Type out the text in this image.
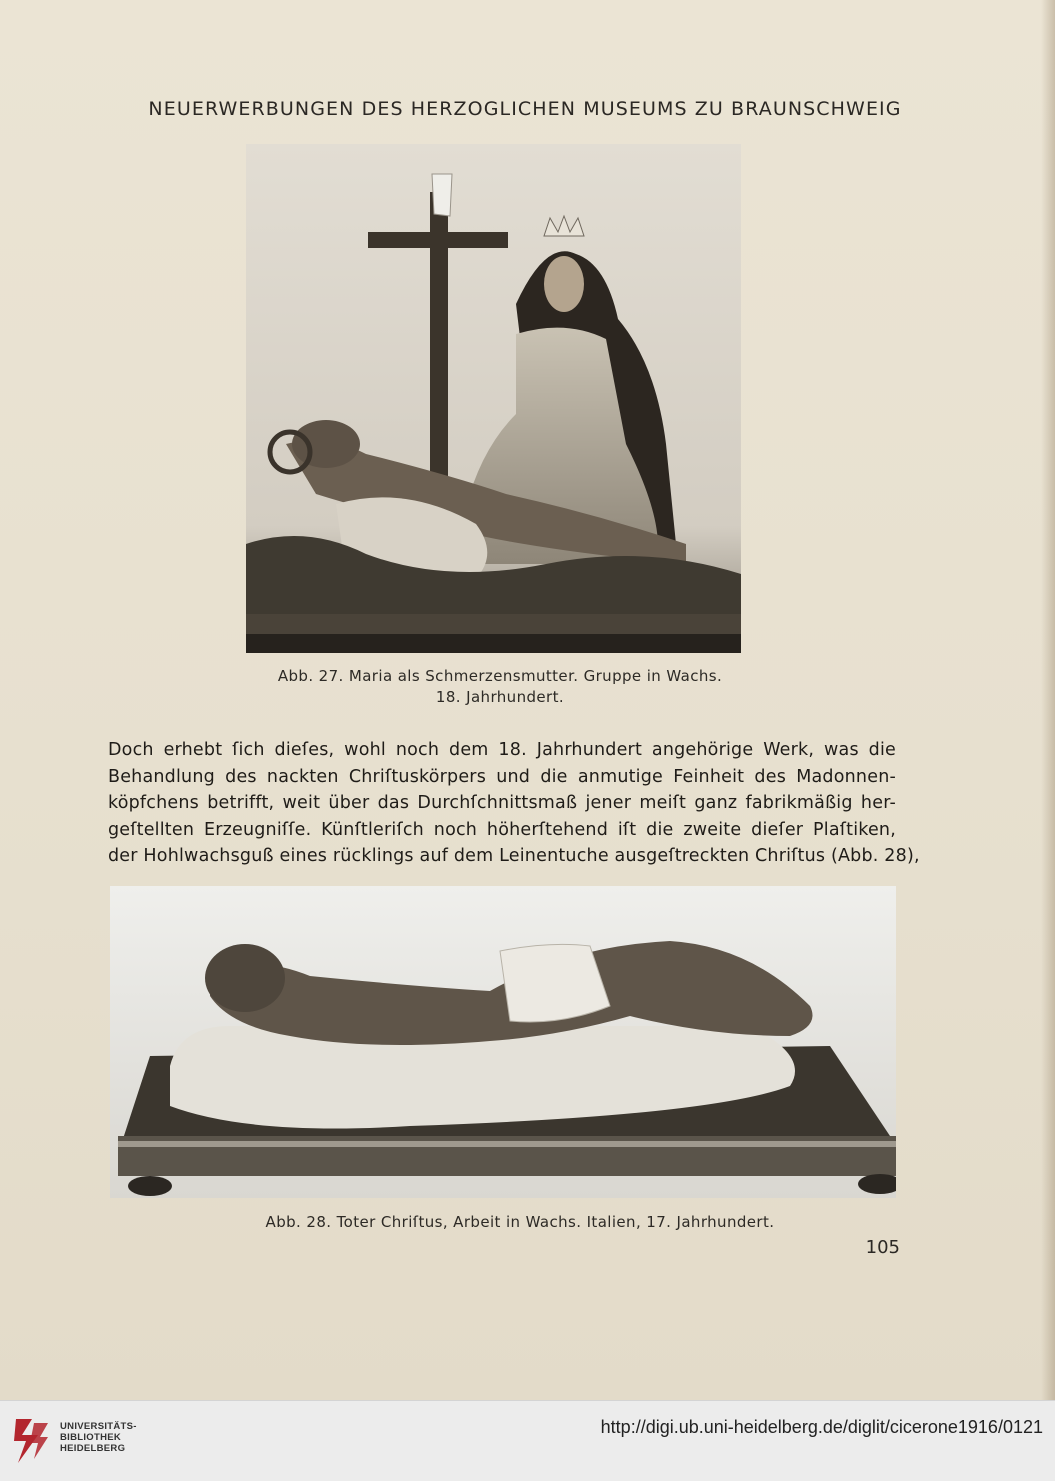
NEUERWERBUNGEN DES HERZOGLICHEN MUSEUMS ZU BRAUNSCHWEIG
Abb. 27. Maria als Schmerzensmutter. Gruppe in Wachs.
18. Jahrhundert.
Doch erhebt ſich dieſes, wohl noch dem 18. Jahrhundert angehörige Werk, was die
Behandlung des nackten Chriſtuskörpers und die anmutige Feinheit des Madonnen-
köpfchens betrifft, weit über das Durchſchnittsmaß jener meiſt ganz fabrikmäßig her-
geſtellten Erzeugniſſe. Künſtleriſch noch höherſtehend iſt die zweite dieſer Plaſtiken,
der Hohlwachsguß eines rücklings auf dem Leinentuche ausgeſtreckten Chriſtus (Abb. 28),
Abb. 28. Toter Chriſtus, Arbeit in Wachs. Italien, 17. Jahrhundert.
105
UNIVERSITÄTS-
BIBLIOTHEK
HEIDELBERG
http://digi.ub.uni-heidelberg.de/diglit/cicerone1916/0121
